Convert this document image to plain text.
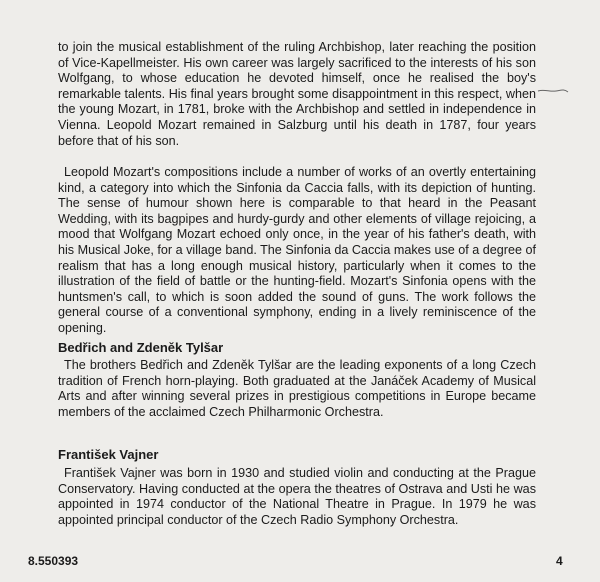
to join the musical establishment of the ruling Archbishop, later reaching the position of Vice-Kapellmeister. His own career was largely sacrificed to the interests of his son Wolfgang, to whose education he devoted himself, once he realised the boy's remarkable talents. His final years brought some disappointment in this respect, when the young Mozart, in 1781, broke with the Archbishop and settled in independence in Vienna. Leopold Mozart remained in Salzburg until his death in 1787, four years before that of his son.

Leopold Mozart's compositions include a number of works of an overtly entertaining kind, a category into which the Sinfonia da Caccia falls, with its depiction of hunting. The sense of humour shown here is comparable to that heard in the Peasant Wedding, with its bagpipes and hurdy-gurdy and other elements of village rejoicing, a mood that Wolfgang Mozart echoed only once, in the year of his father's death, with his Musical Joke, for a village band. The Sinfonia da Caccia makes use of a degree of realism that has a long enough musical history, particularly when it comes to the illustration of the field of battle or the hunting-field. Mozart's Sinfonia opens with the huntsmen's call, to which is soon added the sound of guns. The work follows the general course of a conventional symphony, ending in a lively reminiscence of the opening.

Bedřich and Zdeněk Tylšar

The brothers Bedřich and Zdeněk Tylšar are the leading exponents of a long Czech tradition of French horn-playing. Both graduated at the Janáček Academy of Musical Arts and after winning several prizes in prestigious competitions in Europe became members of the acclaimed Czech Philharmonic Orchestra.

František Vajner

František Vajner was born in 1930 and studied violin and conducting at the Prague Conservatory. Having conducted at the opera the theatres of Ostrava and Usti he was appointed in 1974 conductor of the National Theatre in Prague. In 1979 he was appointed principal conductor of the Czech Radio Symphony Orchestra.

8.550393	4
